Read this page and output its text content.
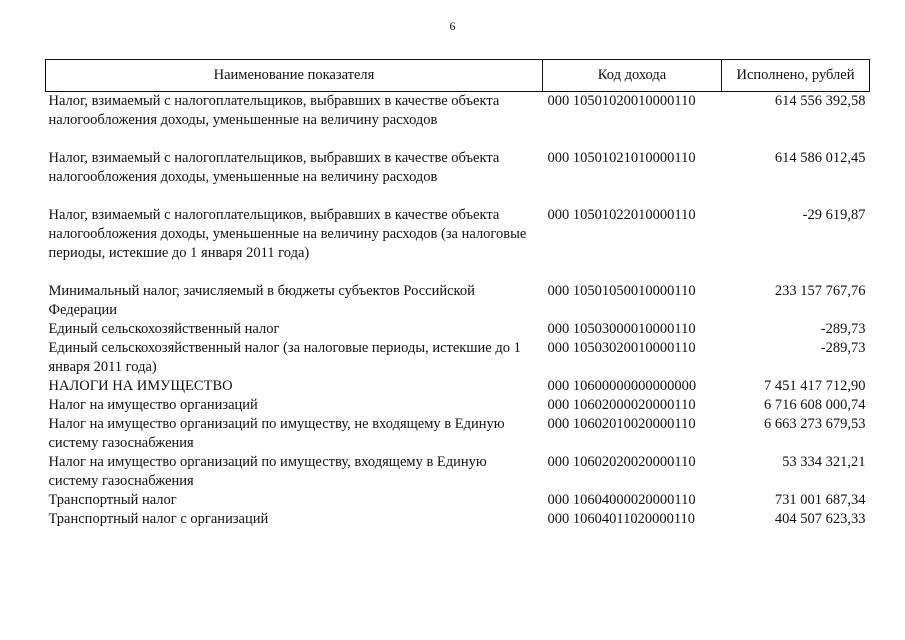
6
Наименование показателя	Код дохода	Исполнено, рублей
Налог, взимаемый с налогоплательщиков, выбравших в качестве объекта налогообложения доходы, уменьшенные на величину расходов	000 10501020010000110	614 556 392,58

Налог, взимаемый с налогоплательщиков, выбравших в качестве объекта налогообложения доходы, уменьшенные на величину расходов	000 10501021010000110	614 586 012,45

Налог, взимаемый с налогоплательщиков, выбравших в качестве объекта налогообложения доходы, уменьшенные на величину расходов (за налоговые периоды, истекшие до 1 января 2011 года)	000 10501022010000110	-29 619,87

Минимальный налог, зачисляемый в бюджеты субъектов Российской Федерации	000 10501050010000110	233 157 767,76
Единый сельскохозяйственный налог	000 10503000010000110	-289,73
Единый сельскохозяйственный налог (за налоговые периоды, истекшие до 1 января 2011 года)	000 10503020010000110	-289,73
НАЛОГИ НА ИМУЩЕСТВО	000 10600000000000000	7 451 417 712,90
Налог на имущество организаций	000 10602000020000110	6 716 608 000,74
Налог на имущество организаций по имуществу, не входящему в Единую систему газоснабжения	000 10602010020000110	6 663 273 679,53
Налог на имущество организаций по имуществу, входящему в Единую систему газоснабжения	000 10602020020000110	53 334 321,21
Транспортный налог	000 10604000020000110	731 001 687,34
Транспортный налог с организаций	000 10604011020000110	404 507 623,33
